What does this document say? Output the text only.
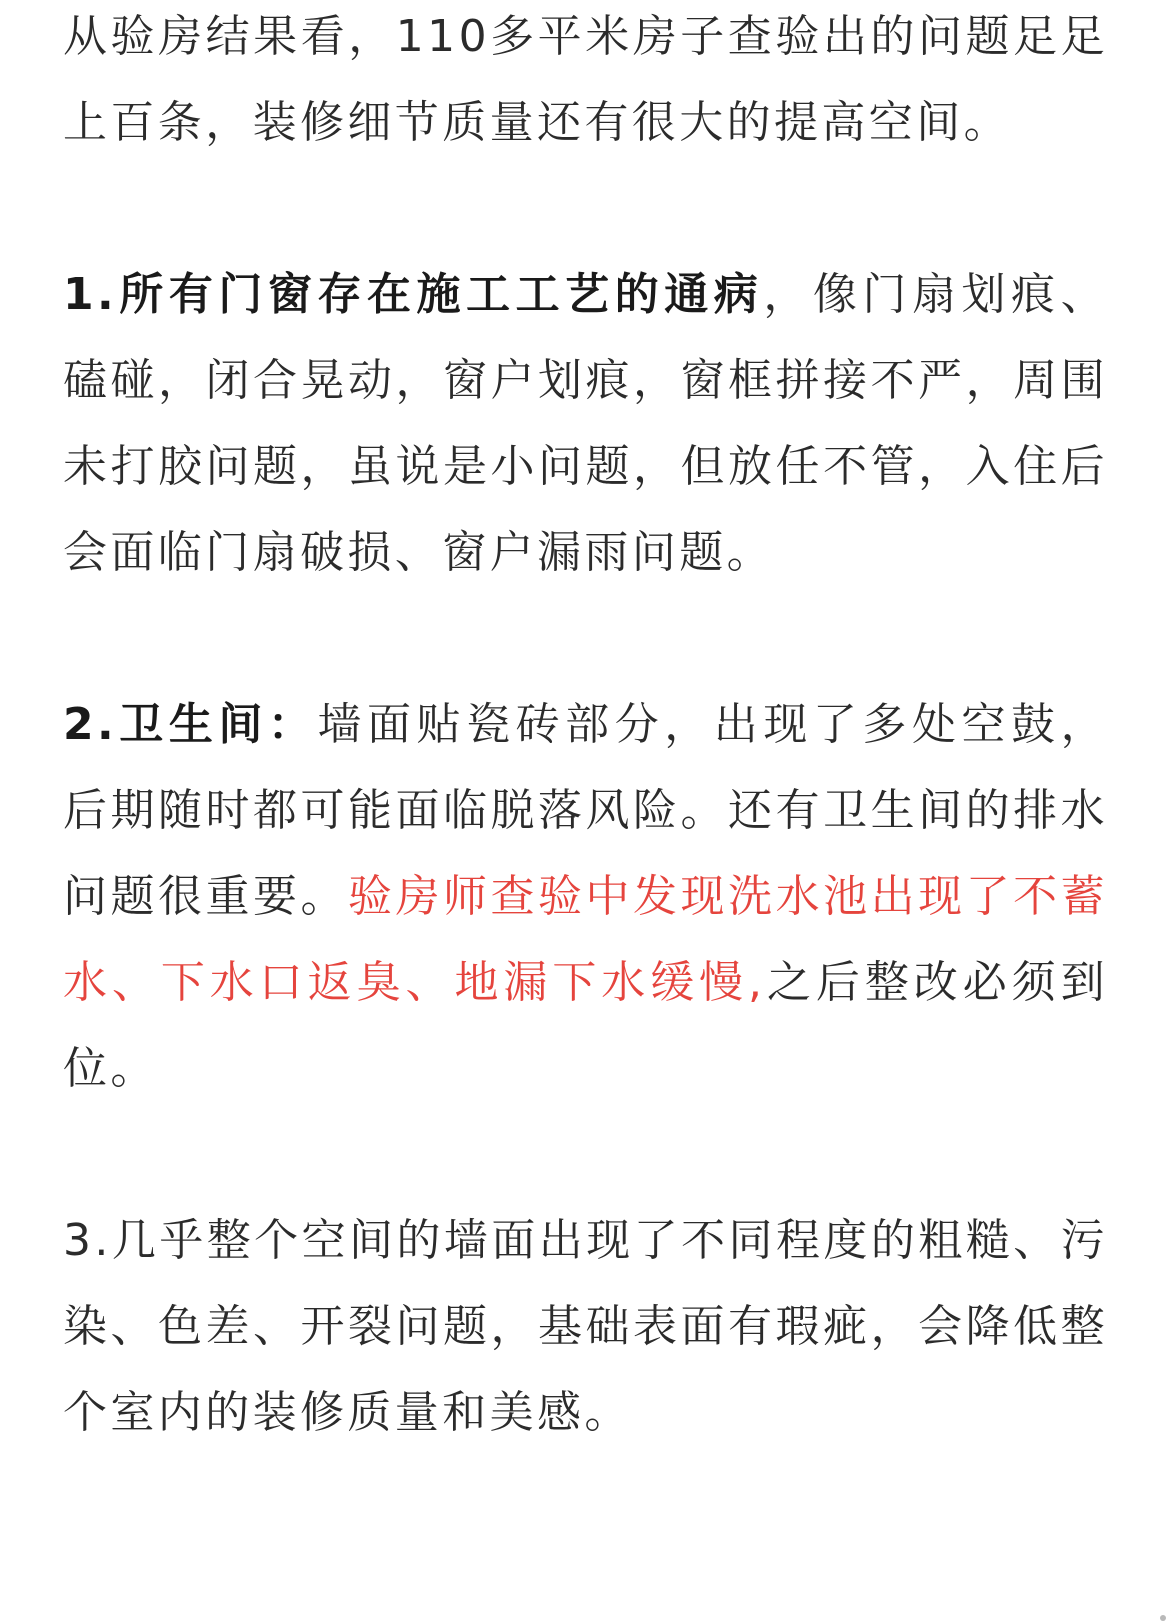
从验房结果看，110多平米房子查验出的问题足足上百条，装修细节质量还有很大的提高空间。

1.所有门窗存在施工工艺的通病，像门扇划痕、磕碰，闭合晃动，窗户划痕，窗框拼接不严，周围未打胶问题，虽说是小问题，但放任不管，入住后会面临门扇破损、窗户漏雨问题。

2.卫生间：墙面贴瓷砖部分，出现了多处空鼓，后期随时都可能面临脱落风险。还有卫生间的排水问题很重要。验房师查验中发现洗水池出现了不蓄水、下水口返臭、地漏下水缓慢,之后整改必须到位。

3.几乎整个空间的墙面出现了不同程度的粗糙、污染、色差、开裂问题，基础表面有瑕疵，会降低整个室内的装修质量和美感。
